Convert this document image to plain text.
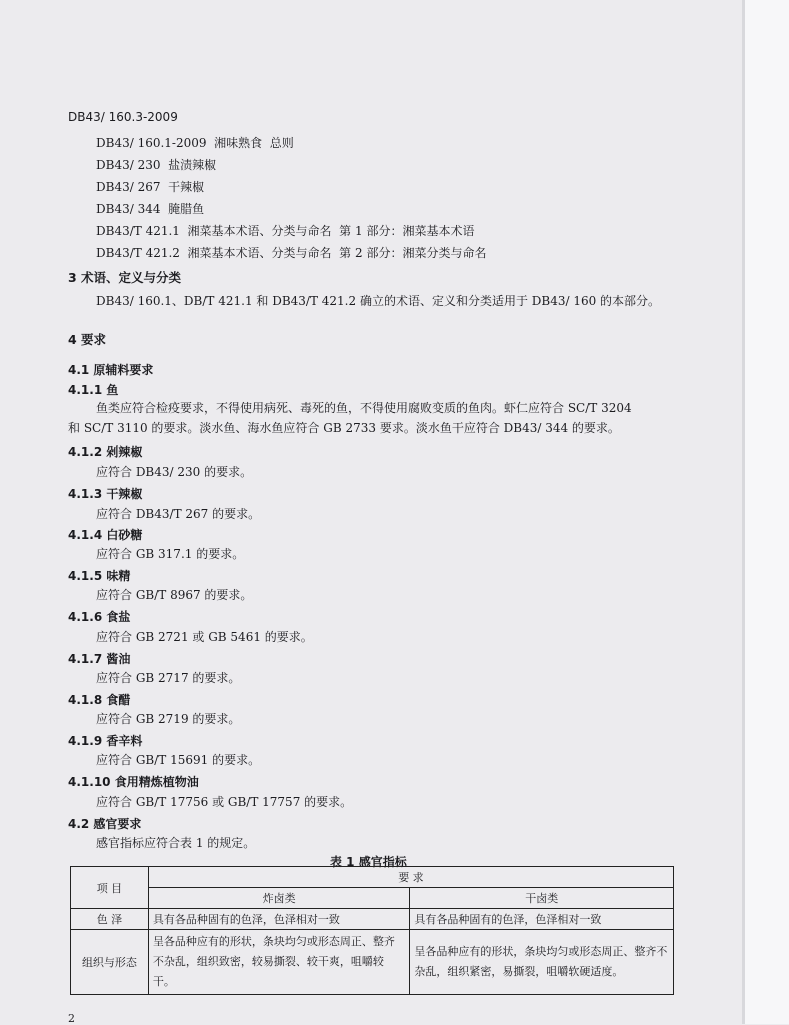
DB43/ 160.3-2009
DB43/ 160.1-2009  湘味熟食  总则
DB43/ 230  盐渍辣椒
DB43/ 267  干辣椒
DB43/ 344  腌腊鱼
DB43/T 421.1  湘菜基本术语、分类与命名  第 1 部分：湘菜基本术语
DB43/T 421.2  湘菜基本术语、分类与命名  第 2 部分：湘菜分类与命名
3 术语、定义与分类
DB43/ 160.1、DB/T 421.1 和 DB43/T 421.2 确立的术语、定义和分类适用于 DB43/ 160 的本部分。
4 要求
4.1 原辅料要求
4.1.1 鱼
鱼类应符合检疫要求，不得使用病死、毒死的鱼，不得使用腐败变质的鱼肉。虾仁应符合 SC/T 3204
和 SC/T 3110 的要求。淡水鱼、海水鱼应符合 GB 2733 要求。淡水鱼干应符合 DB43/ 344 的要求。
4.1.2 剁辣椒
应符合 DB43/ 230 的要求。
4.1.3 干辣椒
应符合 DB43/T 267 的要求。
4.1.4 白砂糖
应符合 GB 317.1 的要求。
4.1.5 味精
应符合 GB/T 8967 的要求。
4.1.6 食盐
应符合 GB 2721 或 GB 5461 的要求。
4.1.7 酱油
应符合 GB 2717 的要求。
4.1.8 食醋
应符合 GB 2719 的要求。
4.1.9 香辛料
应符合 GB/T 15691 的要求。
4.1.10 食用精炼植物油
应符合 GB/T 17756 或 GB/T 17757 的要求。
4.2 感官要求
感官指标应符合表 1 的规定。
表 1 感官指标
项 目	要 求	
	炸卤类	干卤类
色 泽	具有各品种固有的色泽，色泽相对一致	具有各品种固有的色泽，色泽相对一致
组织与形态	呈各品种应有的形状，条块均匀或形态周正、整齐不杂乱，组织致密，较易撕裂、较干爽，咀嚼较干。	呈各品种应有的形状，条块均匀或形态周正、整齐不杂乱，组织紧密，易撕裂，咀嚼软硬适度。
2
